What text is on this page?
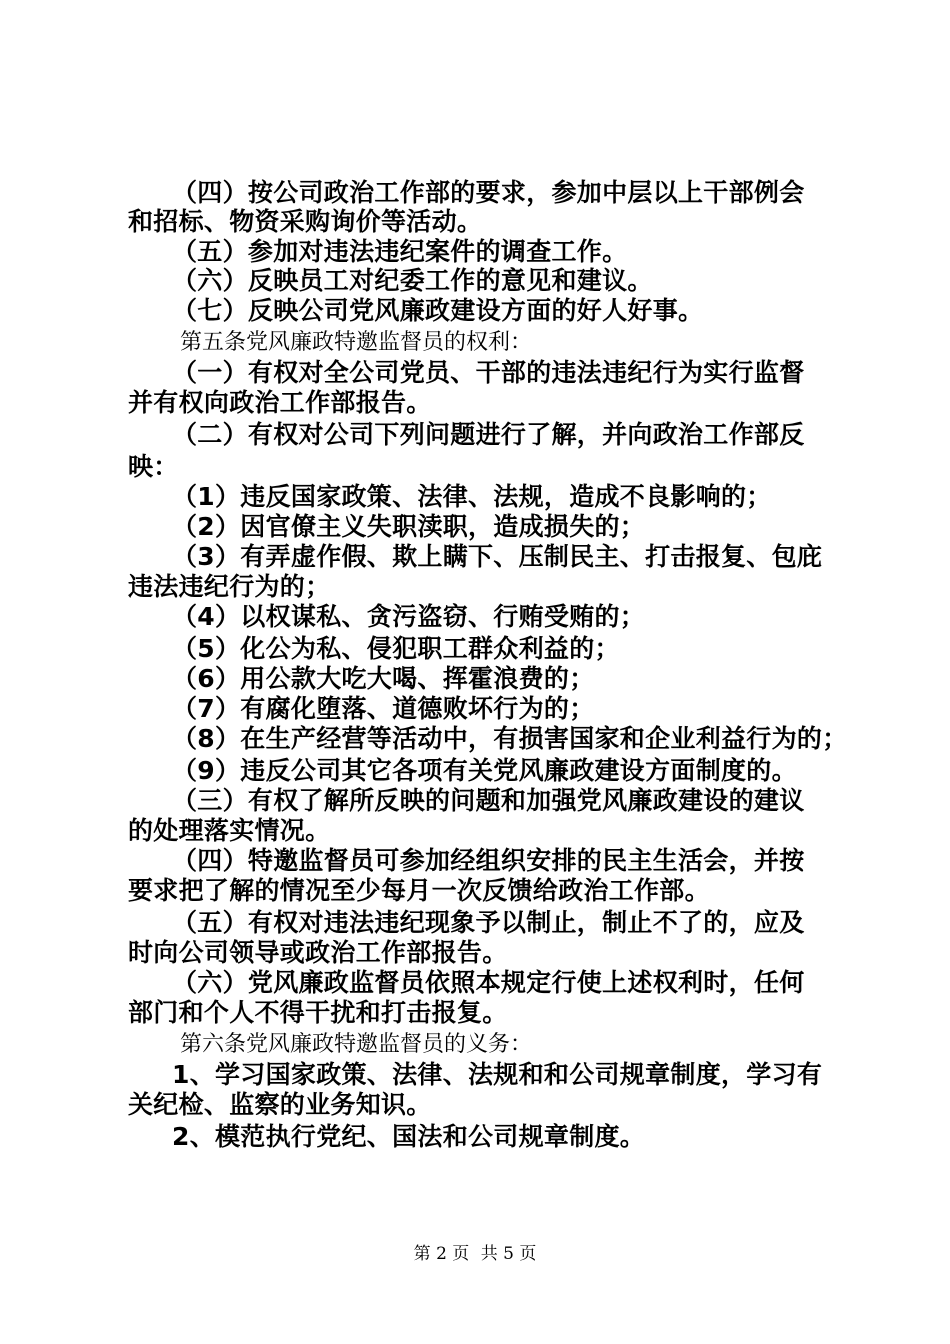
（四）按公司政治工作部的要求，参加中层以上干部例会
和招标、物资采购询价等活动。
（五）参加对违法违纪案件的调查工作。
（六）反映员工对纪委工作的意见和建议。
（七）反映公司党风廉政建设方面的好人好事。
第五条党风廉政特邀监督员的权利：
（一）有权对全公司党员、干部的违法违纪行为实行监督
并有权向政治工作部报告。
（二）有权对公司下列问题进行了解，并向政治工作部反
映：
（1）违反国家政策、法律、法规，造成不良影响的；
（2）因官僚主义失职渎职，造成损失的；
（3）有弄虚作假、欺上瞒下、压制民主、打击报复、包庇
违法违纪行为的；
（4）以权谋私、贪污盗窃、行贿受贿的；
（5）化公为私、侵犯职工群众利益的；
（6）用公款大吃大喝、挥霍浪费的；
（7）有腐化堕落、道德败坏行为的；
（8）在生产经营等活动中，有损害国家和企业利益行为的；
（9）违反公司其它各项有关党风廉政建设方面制度的。
（三）有权了解所反映的问题和加强党风廉政建设的建议
的处理落实情况。
（四）特邀监督员可参加经组织安排的民主生活会，并按
要求把了解的情况至少每月一次反馈给政治工作部。
（五）有权对违法违纪现象予以制止，制止不了的，应及
时向公司领导或政治工作部报告。
（六）党风廉政监督员依照本规定行使上述权利时，任何
部门和个人不得干扰和打击报复。
第六条党风廉政特邀监督员的义务：
1、学习国家政策、法律、法规和和公司规章制度，学习有
关纪检、监察的业务知识。
2、模范执行党纪、国法和公司规章制度。
第 2 页 共 5 页
